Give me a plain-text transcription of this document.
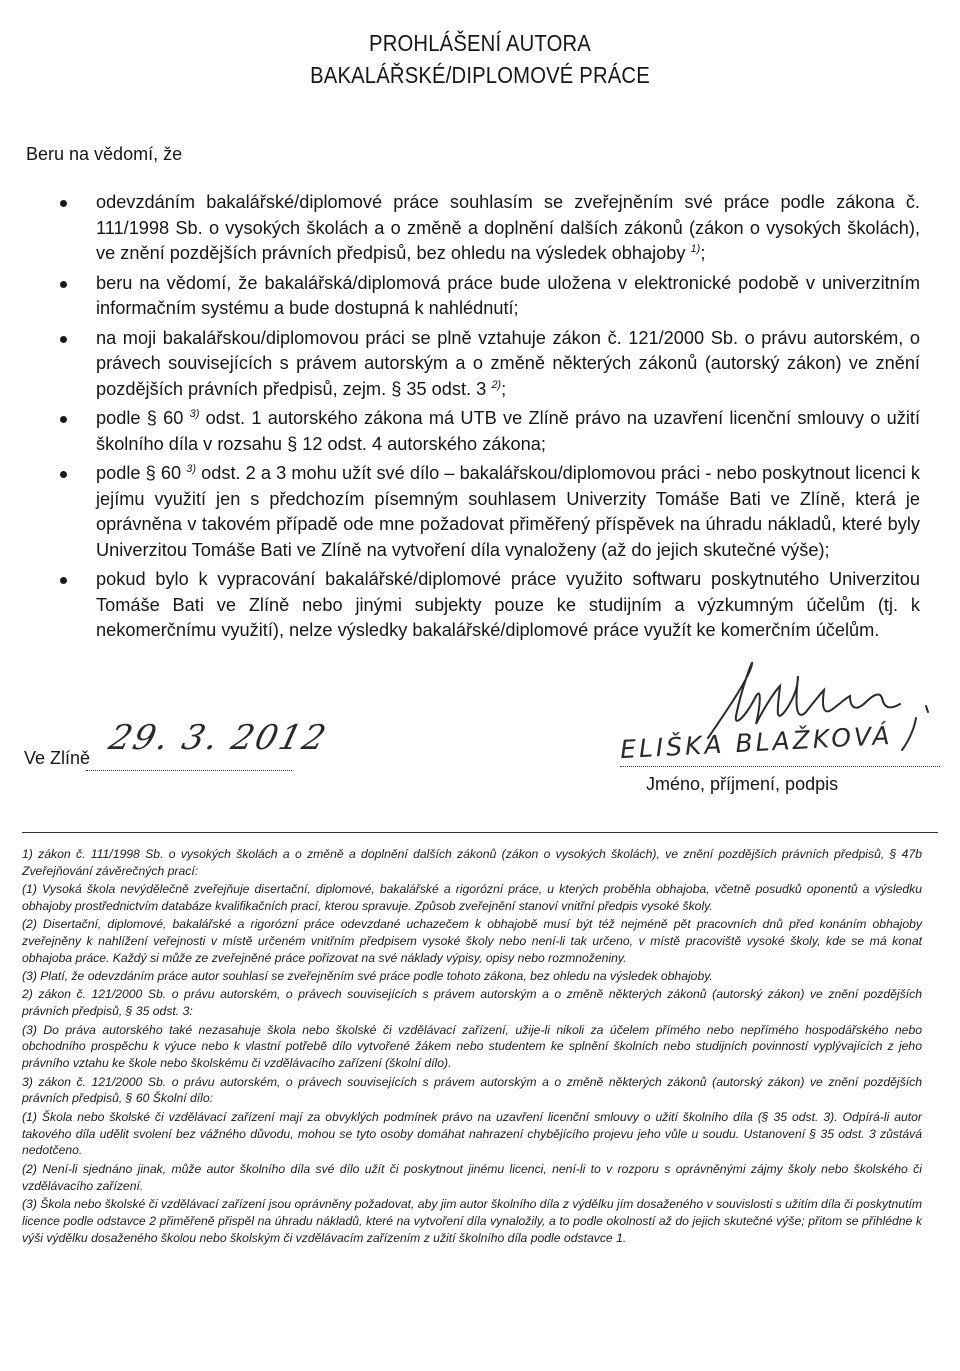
PROHLÁŠENÍ AUTORA
BAKALÁŘSKÉ/DIPLOMOVÉ PRÁCE
Beru na vědomí, že
odevzdáním bakalářské/diplomové práce souhlasím se zveřejněním své práce podle zákona č. 111/1998 Sb. o vysokých školách a o změně a doplnění dalších zákonů (zákon o vysokých školách), ve znění pozdějších právních předpisů, bez ohledu na výsledek obhajoby $^{1)}$;
beru na vědomí, že bakalářská/diplomová práce bude uložena v elektronické podobě v univerzitním informačním systému a bude dostupná k nahlédnutí;
na moji bakalářskou/diplomovou práci se plně vztahuje zákon č. 121/2000 Sb. o právu autorském, o právech souvisejících s právem autorským a o změně některých zákonů (autorský zákon) ve znění pozdějších právních předpisů, zejm. § 35 odst. 3 $^{2)}$;
podle § 60 $^{3)}$ odst. 1 autorského zákona má UTB ve Zlíně právo na uzavření licenční smlouvy o užití školního díla v rozsahu § 12 odst. 4 autorského zákona;
podle § 60 $^{3)}$ odst. 2 a 3 mohu užít své dílo – bakalářskou/diplomovou práci - nebo poskytnout licenci k jejímu využití jen s předchozím písemným souhlasem Univerzity Tomáše Bati ve Zlíně, která je oprávněna v takovém případě ode mne požadovat přiměřený příspěvek na úhradu nákladů, které byly Univerzitou Tomáše Bati ve Zlíně na vytvoření díla vynaloženy (až do jejich skutečné výše);
pokud bylo k vypracování bakalářské/diplomové práce využito softwaru poskytnutého Univerzitou Tomáše Bati ve Zlíně nebo jinými subjekty pouze ke studijním a výzkumným účelům (tj. k nekomerčnímu využití), nelze výsledky bakalářské/diplomové práce využít ke komerčním účelům.
Ve Zlíně 29. 3. 2012	ELIŠKA BLAŽKOVÁ
Jméno, příjmení, podpis

1) zákon č. 111/1998 Sb. o vysokých školách a o změně a doplnění dalších zákonů (zákon o vysokých školách), ve znění pozdějších právních předpisů, § 47b Zveřejňování závěrečných prací:

(1) Vysoká škola nevýdělečně zveřejňuje disertační, diplomové, bakalářské a rigorózní práce, u kterých proběhla obhajoba, včetně posudků oponentů a výsledku obhajoby prostřednictvím databáze kvalifikačních prací, kterou spravuje. Způsob zveřejnění stanoví vnitřní předpis vysoké školy.

(2) Disertační, diplomové, bakalářské a rigorózní práce odevzdané uchazečem k obhajobě musí být též nejméně pět pracovních dnů před konáním obhajoby zveřejněny k nahlížení veřejnosti v místě určeném vnitřním předpisem vysoké školy nebo není-li tak určeno, v místě pracoviště vysoké školy, kde se má konat obhajoba práce. Každý si může ze zveřejněné práce pořizovat na své náklady výpisy, opisy nebo rozmnoženiny.

(3) Platí, že odevzdáním práce autor souhlasí se zveřejněním své práce podle tohoto zákona, bez ohledu na výsledek obhajoby.

2) zákon č. 121/2000 Sb. o právu autorském, o právech souvisejících s právem autorským a o změně některých zákonů (autorský zákon) ve znění pozdějších právních předpisů, § 35 odst. 3:

(3) Do práva autorského také nezasahuje škola nebo školské či vzdělávací zařízení, užije-li nikoli za účelem přímého nebo nepřímého hospodářského nebo obchodního prospěchu k výuce nebo k vlastní potřebě dílo vytvořené žákem nebo studentem ke splnění školních nebo studijních povinností vyplývajících z jeho právního vztahu ke škole nebo školskému či vzdělávacího zařízení (školní dílo).

3) zákon č. 121/2000 Sb. o právu autorském, o právech souvisejících s právem autorským a o změně některých zákonů (autorský zákon) ve znění pozdějších právních předpisů, § 60 Školní dílo:

(1) Škola nebo školské či vzdělávací zařízení mají za obvyklých podmínek právo na uzavření licenční smlouvy o užití školního díla (§ 35 odst. 3). Odpírá-li autor takového díla udělit svolení bez vážného důvodu, mohou se tyto osoby domáhat nahrazení chybějícího projevu jeho vůle u soudu. Ustanovení § 35 odst. 3 zůstává nedotčeno.

(2) Není-li sjednáno jinak, může autor školního díla své dílo užít či poskytnout jinému licenci, není-li to v rozporu s oprávněnými zájmy školy nebo školského či vzdělávacího zařízení.

(3) Škola nebo školské či vzdělávací zařízení jsou oprávněny požadovat, aby jim autor školního díla z výdělku jím dosaženého v souvislosti s užitím díla či poskytnutím licence podle odstavce 2 přiměřeně přispěl na úhradu nákladů, které na vytvoření díla vynaložily, a to podle okolností až do jejich skutečné výše; přitom se přihlédne k výši výdělku dosaženého školou nebo školským či vzdělávacím zařízením z užití školního díla podle odstavce 1.
